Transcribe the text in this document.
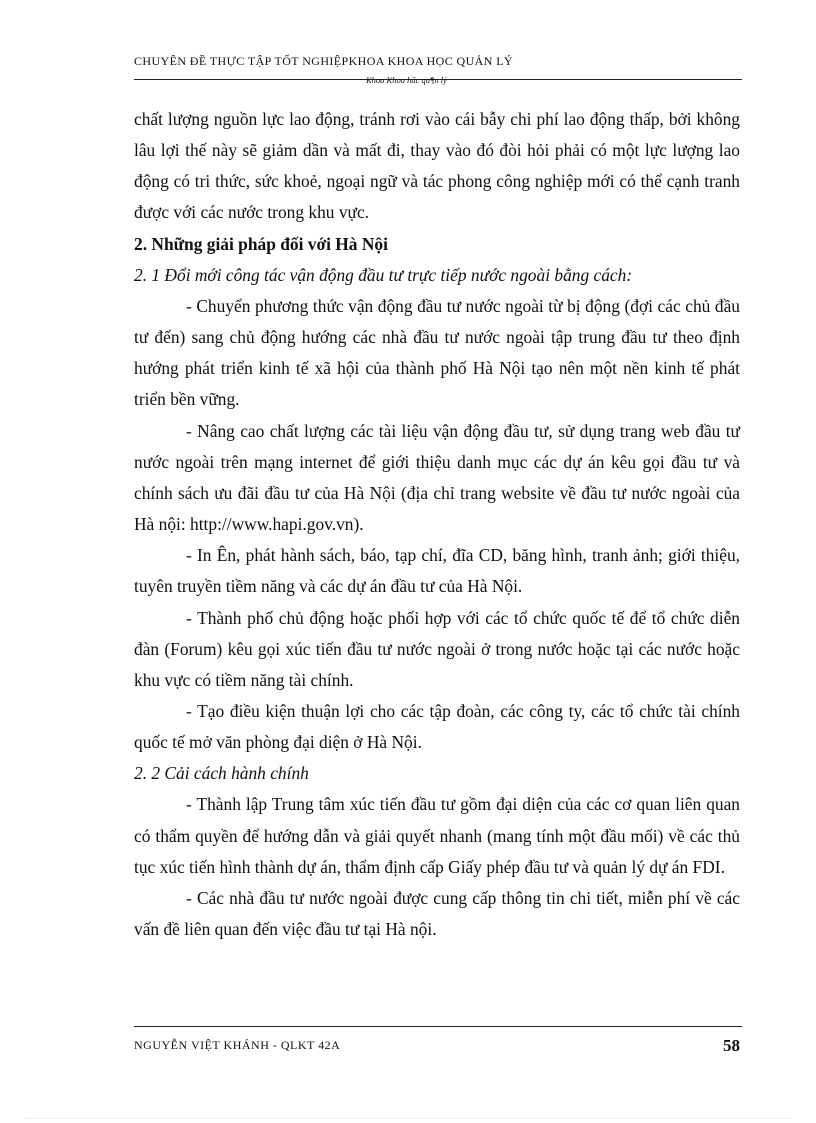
CHUYÊN ĐỀ THỰC TẬP TỐT NGHIỆPKHOA KHOA HỌC QUẢN LÝ
Khoa Khoa hãc qu¶n lý

chất lượng nguồn lực lao động, tránh rơi vào cái bẫy chi phí lao động thấp, bởi không lâu lợi thế này sẽ giảm dần và mất đi, thay vào đó đòi hỏi phải có một lực lượng lao động có tri thức, sức khoẻ, ngoại ngữ và tác phong công nghiệp mới có thể cạnh tranh được với các nước trong khu vực.

2. Những giải pháp đối với Hà Nội

2. 1 Đổi mới công tác vận động đầu tư trực tiếp nước ngoài bằng cách:

- Chuyển phương thức vận động đầu tư nước ngoài từ bị động (đợi các chủ đầu tư đến) sang chủ động hướng các nhà đầu tư nước ngoài tập trung đầu tư theo định hướng phát triển kinh tế xã hội của thành phố Hà Nội tạo nên một nền kinh tế phát triển bền vững.

- Nâng cao chất lượng các tài liệu vận động đầu tư, sử dụng trang web đầu tư nước ngoài trên mạng internet để giới thiệu danh mục các dự án kêu gọi đầu tư và chính sách ưu đãi đầu tư của Hà Nội (địa chỉ trang website về đầu tư nước ngoài của Hà nội: http://www.hapi.gov.vn).

- In Ên, phát hành sách, báo, tạp chí, đĩa CD, băng hình, tranh ảnh; giới thiệu, tuyên truyền tiềm năng và các dự án đầu tư của Hà Nội.

- Thành phố chủ động hoặc phối hợp với các tổ chức quốc tế để tổ chức diễn đàn (Forum) kêu gọi xúc tiến đầu tư nước ngoài ở trong nước hoặc tại các nước hoặc khu vực có tiềm năng tài chính.

- Tạo điều kiện thuận lợi cho các tập đoàn, các công ty, các tổ chức tài chính quốc tế mở văn phòng đại diện ở Hà Nội.

2. 2 Cải cách hành chính

- Thành lập Trung tâm xúc tiến đầu tư gồm đại diện của các cơ quan liên quan có thẩm quyền để hướng dẫn và giải quyết nhanh (mang tính một đầu mối) về các thủ tục xúc tiến hình thành dự án, thẩm định cấp Giấy phép đầu tư và quản lý dự án FDI.

- Các nhà đầu tư nước ngoài được cung cấp thông tin chi tiết, miễn phí về các vấn đề liên quan đến việc đầu tư tại Hà nội.

NGUYỄN VIỆT KHÁNH - QLKT 42A	58
